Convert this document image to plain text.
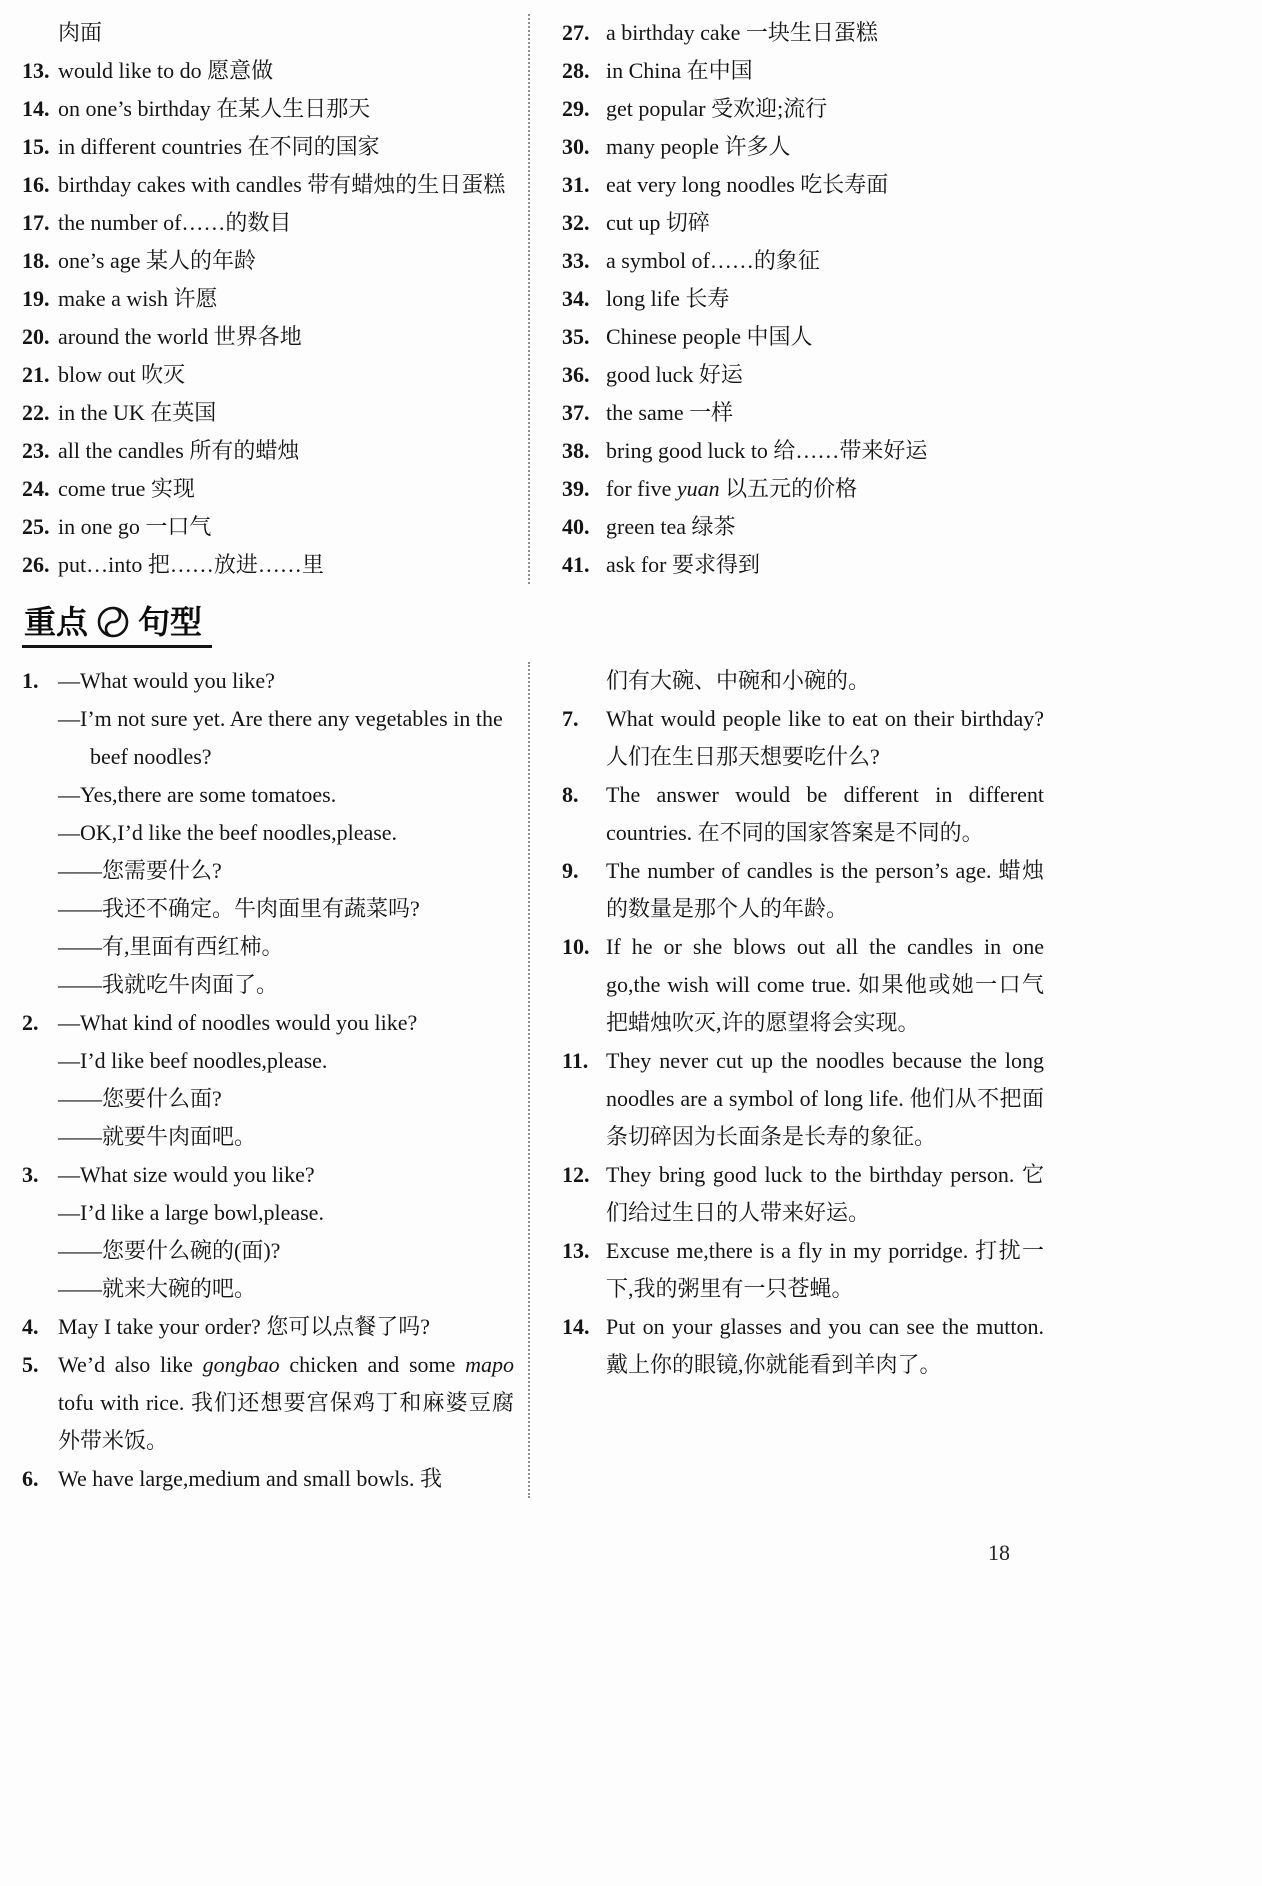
肉面
13. would like to do 愿意做
14. on one’s birthday 在某人生日那天
15. in different countries 在不同的国家
16. birthday cakes with candles 带有蜡烛的生日蛋糕
17. the number of……的数目
18. one’s age 某人的年龄
19. make a wish 许愿
20. around the world 世界各地
21. blow out 吹灭
22. in the UK 在英国
23. all the candles 所有的蜡烛
24. come true 实现
25. in one go 一口气
26. put…into 把……放进……里
27. a birthday cake 一块生日蛋糕
28. in China 在中国
29. get popular 受欢迎;流行
30. many people 许多人
31. eat very long noodles 吃长寿面
32. cut up 切碎
33. a symbol of……的象征
34. long life 长寿
35. Chinese people 中国人
36. good luck 好运
37. the same 一样
38. bring good luck to 给……带来好运
39. for five yuan 以五元的价格
40. green tea 绿茶
41. ask for 要求得到
重点 句型
1. —What would you like?
—I’m not sure yet. Are there any vegetables in the beef noodles?
—Yes,there are some tomatoes.
—OK,I’d like the beef noodles,please.
——您需要什么?
——我还不确定。牛肉面里有蔬菜吗?
——有,里面有西红柿。
——我就吃牛肉面了。
2. —What kind of noodles would you like?
—I’d like beef noodles,please.
——您要什么面?
——就要牛肉面吧。
3. —What size would you like?
—I’d like a large bowl,please.
——您要什么碗的(面)?
——就来大碗的吧。
4. May I take your order? 您可以点餐了吗?
5. We’d also like gongbao chicken and some mapo tofu with rice. 我们还想要宫保鸡丁和麻婆豆腐外带米饭。
6. We have large,medium and small bowls. 我
们有大碗、中碗和小碗的。
7. What would people like to eat on their birthday? 人们在生日那天想要吃什么?
8. The answer would be different in different countries. 在不同的国家答案是不同的。
9. The number of candles is the person’s age. 蜡烛的数量是那个人的年龄。
10. If he or she blows out all the candles in one go,the wish will come true. 如果他或她一口气把蜡烛吹灭,许的愿望将会实现。
11. They never cut up the noodles because the long noodles are a symbol of long life. 他们从不把面条切碎因为长面条是长寿的象征。
12. They bring good luck to the birthday person. 它们给过生日的人带来好运。
13. Excuse me,there is a fly in my porridge. 打扰一下,我的粥里有一只苍蝇。
14. Put on your glasses and you can see the mutton. 戴上你的眼镜,你就能看到羊肉了。
18
